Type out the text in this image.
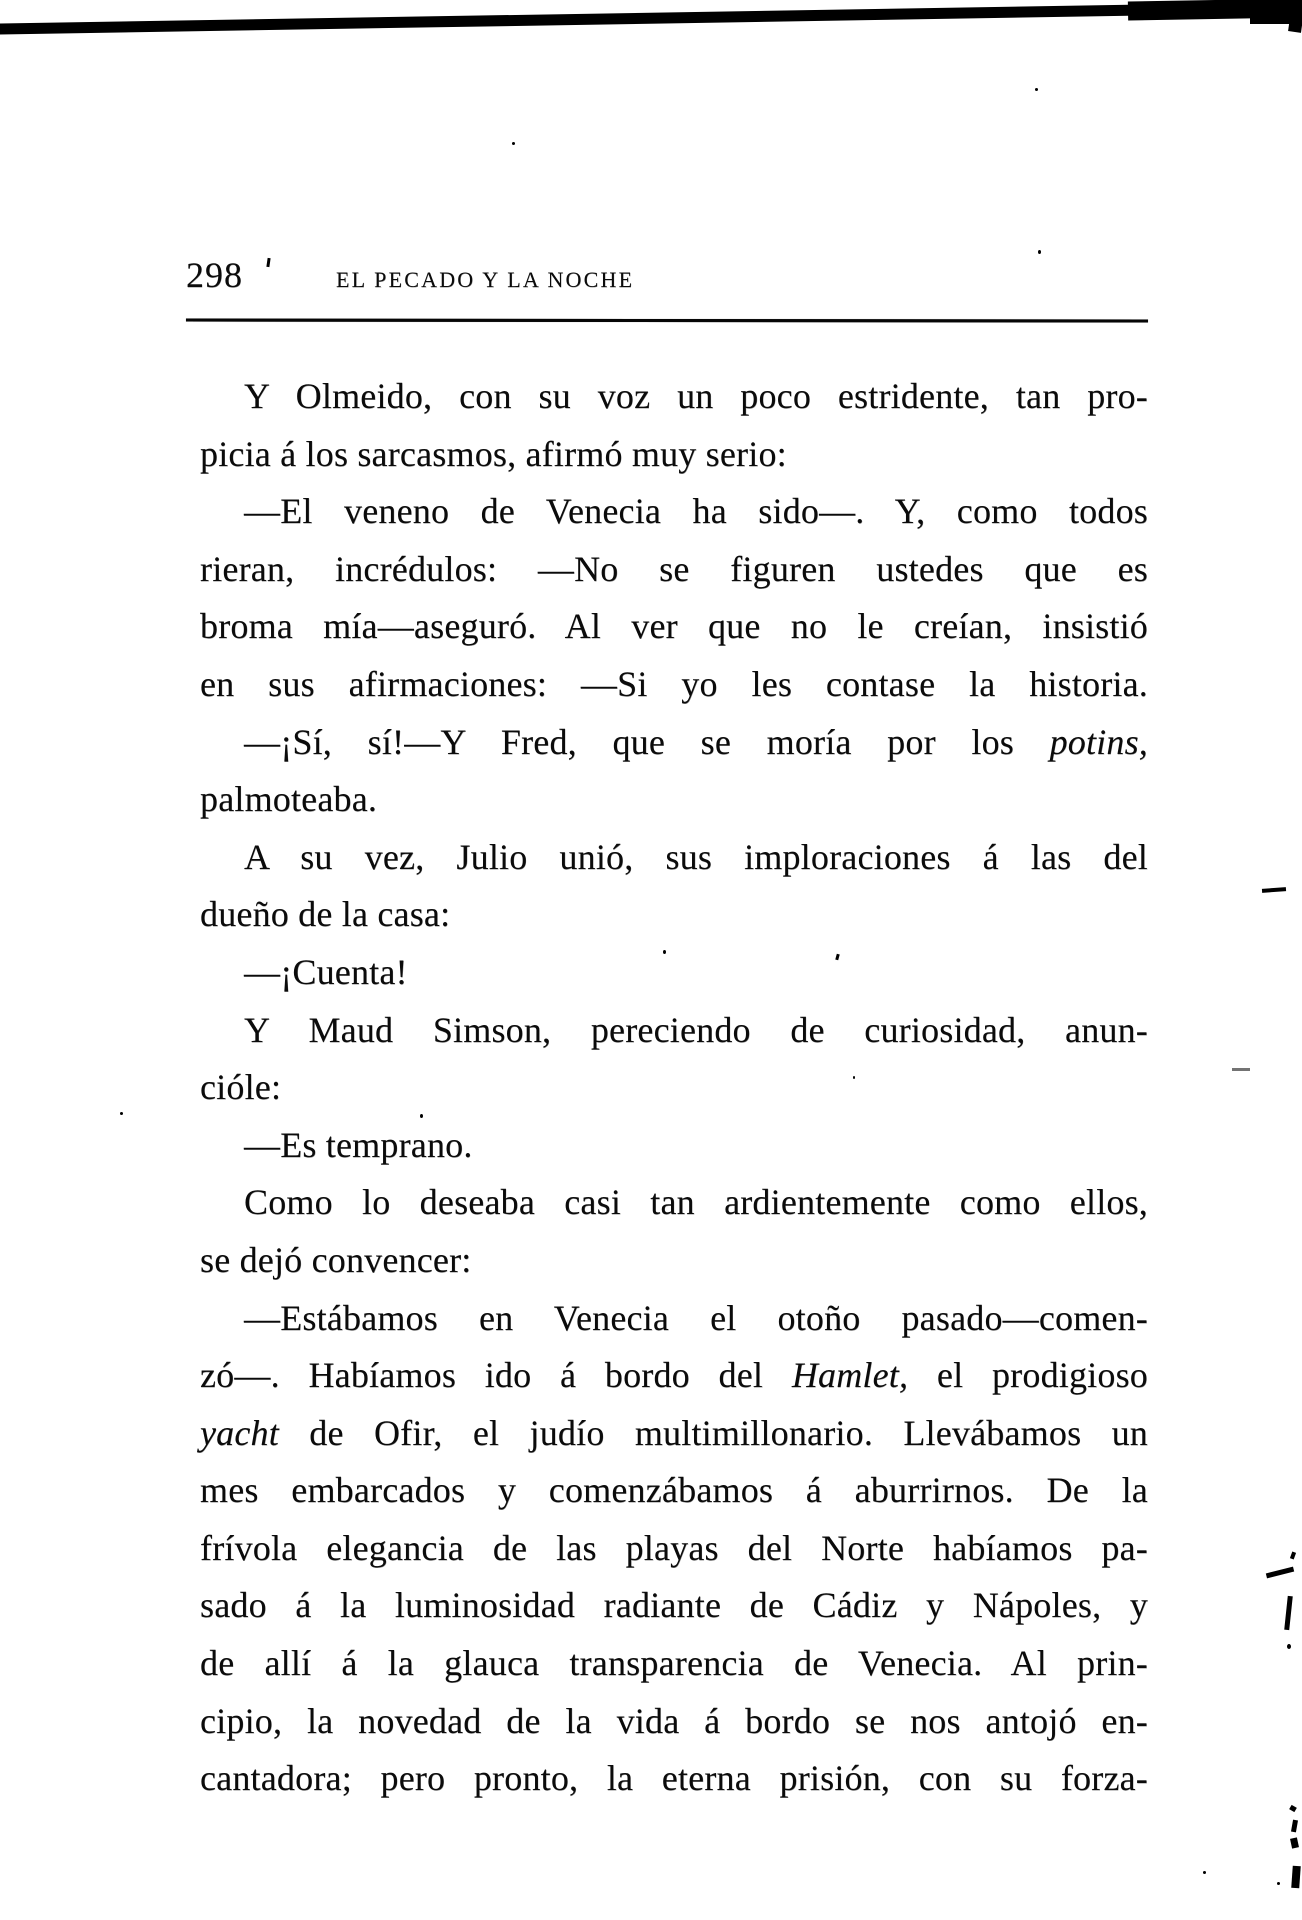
298	EL PECADO Y LA NOCHE
Y Olmeido, con su voz un poco estridente, tan pro-
picia á los sarcasmos, afirmó muy serio:
—El veneno de Venecia ha sido—. Y, como todos
rieran, incrédulos: —No se figuren ustedes que es
broma mía—aseguró. Al ver que no le creían, insistió
en sus afirmaciones: —Si yo les contase la historia.
—¡Sí, sí!—Y Fred, que se moría por los potins,
palmoteaba.
A su vez, Julio unió, sus imploraciones á las del
dueño de la casa:
—¡Cuenta!
Y Maud Simson, pereciendo de curiosidad, anun-
cióle:
—Es temprano.
Como lo deseaba casi tan ardientemente como ellos,
se dejó convencer:
—Estábamos en Venecia el otoño pasado—comen-
zó—. Habíamos ido á bordo del Hamlet, el prodigioso
yacht de Ofir, el judío multimillonario. Llevábamos un
mes embarcados y comenzábamos á aburrirnos. De la
frívola elegancia de las playas del Norte habíamos pa-
sado á la luminosidad radiante de Cádiz y Nápoles, y
de allí á la glauca transparencia de Venecia. Al prin-
cipio, la novedad de la vida á bordo se nos antojó en-
cantadora; pero pronto, la eterna prisión, con su forza-
